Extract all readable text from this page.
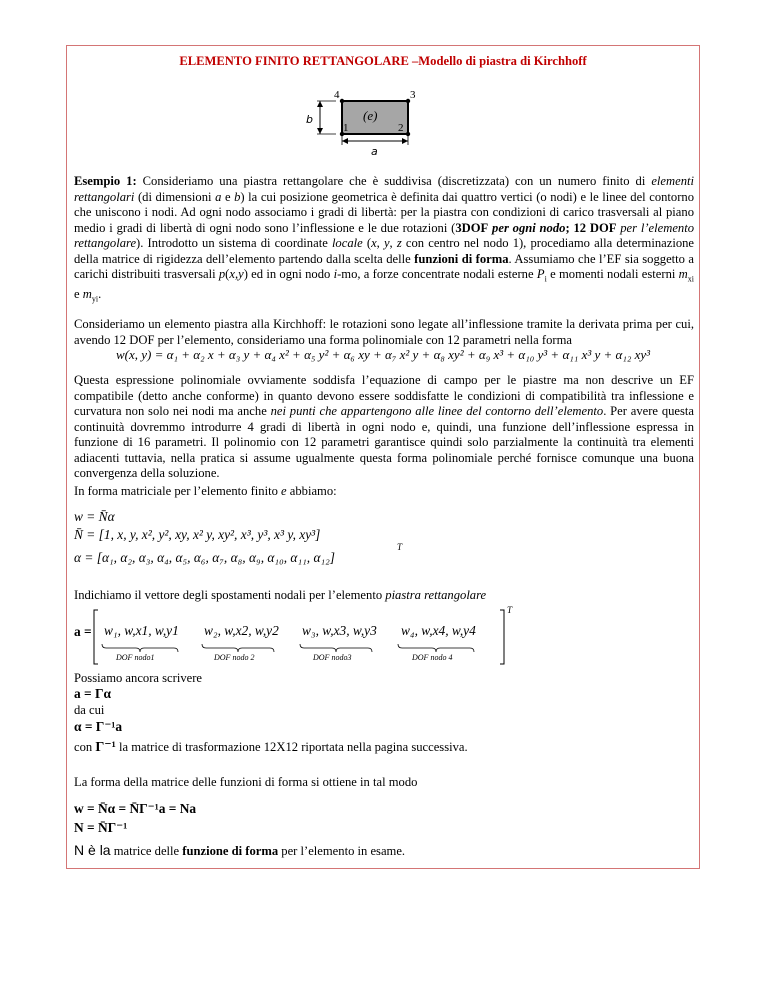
ELEMENTO FINITO RETTANGOLARE –Modello di piastra di Kirchhoff
4	3
1	2
(e)
b
a
Esempio 1: Consideriamo una piastra rettangolare che è suddivisa (discretizzata) con un numero finito di elementi rettangolari (di dimensioni a e b) la cui posizione geometrica è definita dai quattro vertici (o nodi) e le linee del contorno che uniscono i nodi. Ad ogni nodo associamo i gradi di libertà: per la piastra con condizioni di carico trasversali al piano medio i gradi di libertà di ogni nodo sono l’inflessione e le due rotazioni (3DOF per ogni nodo; 12 DOF per l’elemento rettangolare). Introdotto un sistema di coordinate locale (x, y, z con centro nel nodo 1), procediamo alla determinazione della matrice di rigidezza dell’elemento partendo dalla scelta delle funzioni di forma. Assumiamo che l’EF sia soggetto a carichi distribuiti trasversali p(x,y) ed in ogni nodo i-mo, a forze concentrate nodali esterne $P_i$ e momenti nodali esterni $m_{xi}$ e $m_{yi}$.
Consideriamo un elemento piastra alla Kirchhoff: le rotazioni sono legate all’inflessione tramite la derivata prima per cui, avendo 12 DOF per l’elemento, consideriamo una forma polinomiale con 12 parametri nella forma
w(x, y) = α₁ + α₂ x + α₃ y + α₄ x² + α₅ y² + α₆ xy + α₇ x² y + α₈ xy² + α₉ x³ + α₁₀ y³ + α₁₁ x³ y + α₁₂ xy³
Questa espressione polinomiale ovviamente soddisfa l’equazione di campo per le piastre ma non descrive un EF compatibile (detto anche conforme) in quanto devono essere soddisfatte le condizioni di compatibilità tra inflessione e curvatura non solo nei nodi ma anche nei punti che appartengono alle linee del contorno dell’elemento. Per avere questa continuità dovremmo introdurre 4 gradi di libertà in ogni nodo e, quindi, una funzione dell’inflessione espressa in funzione di 16 parametri. Il polinomio con 12 parametri garantisce quindi solo parzialmente la continuità tra elementi adiacenti tuttavia, nella pratica si assume ugualmente questa forma polinomiale perché fornisce comunque una buona convergenza della soluzione.
In forma matriciale per l’elemento finito e abbiamo:
w = N̄α
N̄ = [1, x, y, x², y², xy, x² y, xy², x³, y³, x³ y, xy³]
α = [α₁, α₂, α₃, α₄, α₅, α₆, α₇, α₈, α₉, α₁₀, α₁₁, α₁₂]
T
Indichiamo il vettore degli spostamenti nodali per l’elemento piastra rettangolare
a = w₁, w,x1, w,y1 w₂, w,x2, w,y2 w₃, w,x3, w,y3 w₄, w,x4, w,y4
T
DOF nodo1	DOF nodo 2	DOF nodo3	DOF nodo 4
Possiamo ancora scrivere
a = Γα
da cui
α = Γ⁻¹a
con Γ⁻¹ la matrice di trasformazione 12X12 riportata nella pagina successiva.
La forma della matrice delle funzioni di forma si ottiene in tal modo
w = N̄α = N̄Γ⁻¹a = Na
N = N̄Γ⁻¹
N è la matrice delle funzione di forma per l’elemento in esame.
